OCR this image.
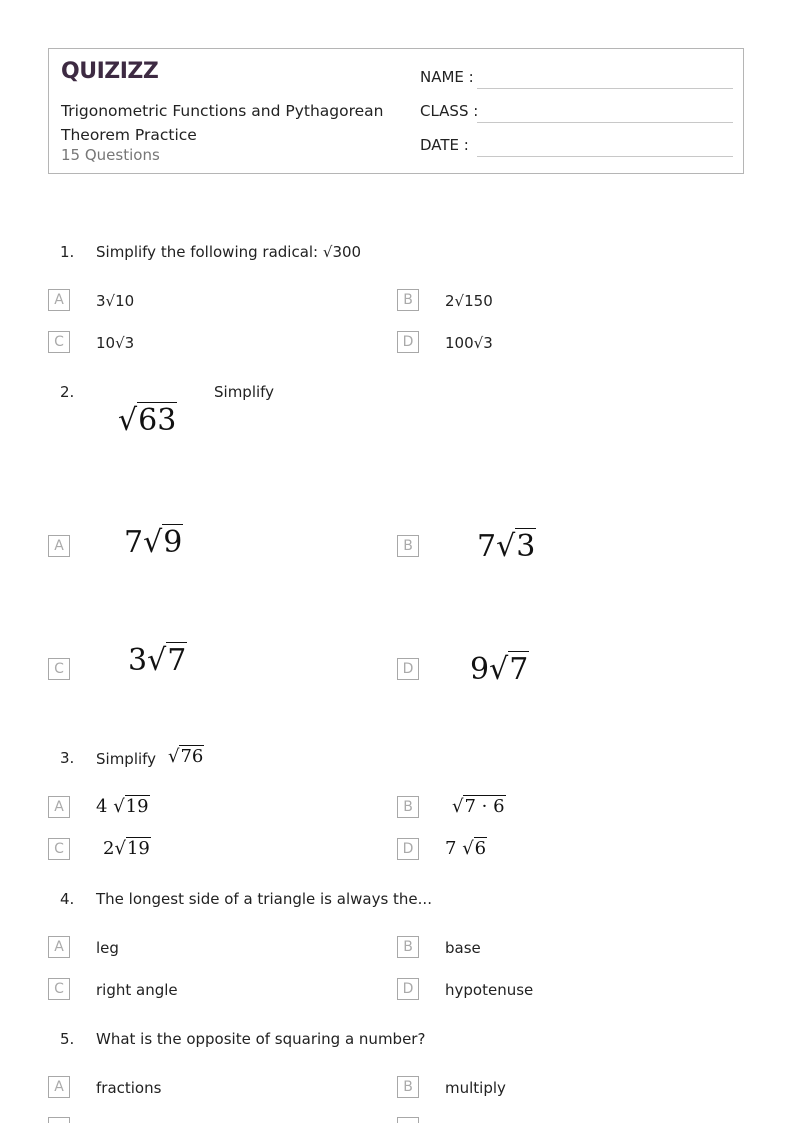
QUIZIZZ
Trigonometric Functions and Pythagorean Theorem Practice
15 Questions
NAME :
CLASS :
DATE :
1. Simplify the following radical: √300
A	3√10	B	2√150
C	10√3	D	100√3
2.
√63
Simplify
A 7√9	B 7√3
C 3√7	D 9√7
3. Simplify √76
A	4 √19	B	√7 · 6
C	2√19	D	7 √6
4. The longest side of a triangle is always the...
A	leg	B	base
C	right angle	D	hypotenuse
5. What is the opposite of squaring a number?
A	fractions	B	multiply
